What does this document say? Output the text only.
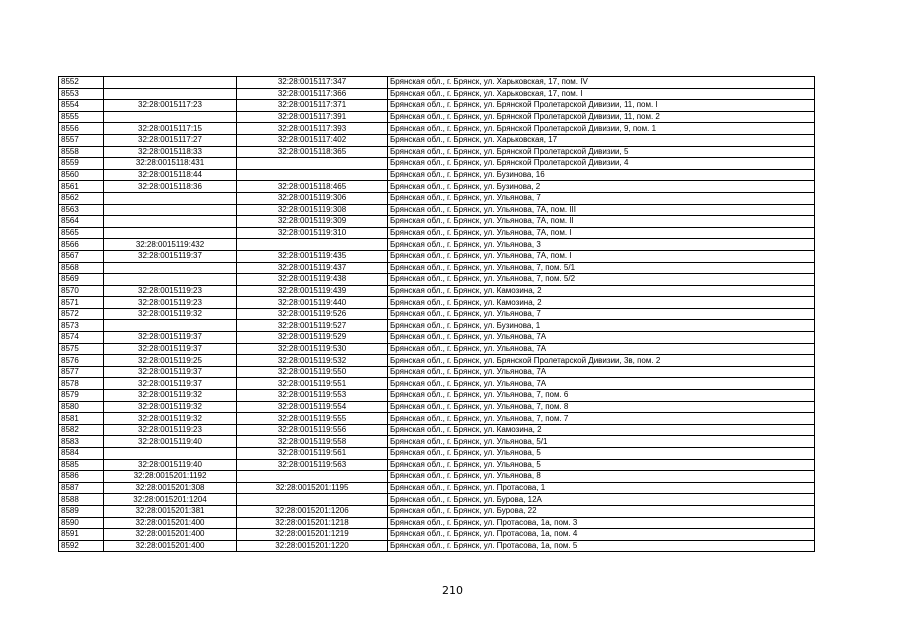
8552		32:28:0015117:347	Брянская обл., г. Брянск, ул. Харьковская, 17, пом. IV
8553		32:28:0015117:366	Брянская обл., г. Брянск, ул. Харьковская, 17, пом. I
8554	32:28:0015117:23	32:28:0015117:371	Брянская обл., г. Брянск, ул. Брянской Пролетарской Дивизии, 11, пом. I
8555		32:28:0015117:391	Брянская обл., г. Брянск, ул. Брянской Пролетарской Дивизии, 11, пом. 2
8556	32:28:0015117:15	32:28:0015117:393	Брянская обл., г. Брянск, ул. Брянской Пролетарской Дивизии, 9, пом. 1
8557	32:28:0015117:27	32:28:0015117:402	Брянская обл., г. Брянск, ул. Харьковская, 17
8558	32:28:0015118:33	32:28:0015118:365	Брянская обл., г. Брянск, ул. Брянской Пролетарской Дивизии, 5
8559	32:28:0015118:431		Брянская обл., г. Брянск, ул. Брянской Пролетарской Дивизии, 4
8560	32:28:0015118:44		Брянская обл., г. Брянск, ул. Бузинова, 16
8561	32:28:0015118:36	32:28:0015118:465	Брянская обл., г. Брянск, ул. Бузинова, 2
8562		32:28:0015119:306	Брянская обл., г. Брянск, ул. Ульянова, 7
8563		32:28:0015119:308	Брянская обл., г. Брянск, ул. Ульянова, 7А, пом. III
8564		32:28:0015119:309	Брянская обл., г. Брянск, ул. Ульянова, 7А, пом. II
8565		32:28:0015119:310	Брянская обл., г. Брянск, ул. Ульянова, 7А, пом. I
8566	32:28:0015119:432		Брянская обл., г. Брянск, ул. Ульянова, 3
8567	32:28:0015119:37	32:28:0015119:435	Брянская обл., г. Брянск, ул. Ульянова, 7А, пом. I
8568		32:28:0015119:437	Брянская обл., г. Брянск, ул. Ульянова, 7, пом. 5/1
8569		32:28:0015119:438	Брянская обл., г. Брянск, ул. Ульянова, 7, пом. 5/2
8570	32:28:0015119:23	32:28:0015119:439	Брянская обл., г. Брянск, ул. Камозина, 2
8571	32:28:0015119:23	32:28:0015119:440	Брянская обл., г. Брянск, ул. Камозина, 2
8572	32:28:0015119:32	32:28:0015119:526	Брянская обл., г. Брянск, ул. Ульянова, 7
8573		32:28:0015119:527	Брянская обл., г. Брянск, ул. Бузинова, 1
8574	32:28:0015119:37	32:28:0015119:529	Брянская обл., г. Брянск, ул. Ульянова, 7А
8575	32:28:0015119:37	32:28:0015119:530	Брянская обл., г. Брянск, ул. Ульянова, 7А
8576	32:28:0015119:25	32:28:0015119:532	Брянская обл., г. Брянск, ул. Брянской Пролетарской Дивизии, 3в, пом. 2
8577	32:28:0015119:37	32:28:0015119:550	Брянская обл., г. Брянск, ул. Ульянова, 7А
8578	32:28:0015119:37	32:28:0015119:551	Брянская обл., г. Брянск, ул. Ульянова, 7А
8579	32:28:0015119:32	32:28:0015119:553	Брянская обл., г. Брянск, ул. Ульянова, 7, пом. 6
8580	32:28:0015119:32	32:28:0015119:554	Брянская обл., г. Брянск, ул. Ульянова, 7, пом. 8
8581	32:28:0015119:32	32:28:0015119:555	Брянская обл., г. Брянск, ул. Ульянова, 7, пом. 7
8582	32:28:0015119:23	32:28:0015119:556	Брянская обл., г. Брянск, ул. Камозина, 2
8583	32:28:0015119:40	32:28:0015119:558	Брянская обл., г. Брянск, ул. Ульянова, 5/1
8584		32:28:0015119:561	Брянская обл., г. Брянск, ул. Ульянова, 5
8585	32:28:0015119:40	32:28:0015119:563	Брянская обл., г. Брянск, ул. Ульянова, 5
8586	32:28:0015201:1192		Брянская обл., г. Брянск, ул. Ульянова, 8
8587	32:28:0015201:308	32:28:0015201:1195	Брянская обл., г. Брянск, ул. Протасова, 1
8588	32:28:0015201:1204		Брянская обл., г. Брянск, ул. Бурова, 12А
8589	32:28:0015201:381	32:28:0015201:1206	Брянская обл., г. Брянск, ул. Бурова, 22
8590	32:28:0015201:400	32:28:0015201:1218	Брянская обл., г. Брянск, ул. Протасова, 1а, пом. 3
8591	32:28:0015201:400	32:28:0015201:1219	Брянская обл., г. Брянск, ул. Протасова, 1а, пом. 4
8592	32:28:0015201:400	32:28:0015201:1220	Брянская обл., г. Брянск, ул. Протасова, 1а, пом. 5
210
